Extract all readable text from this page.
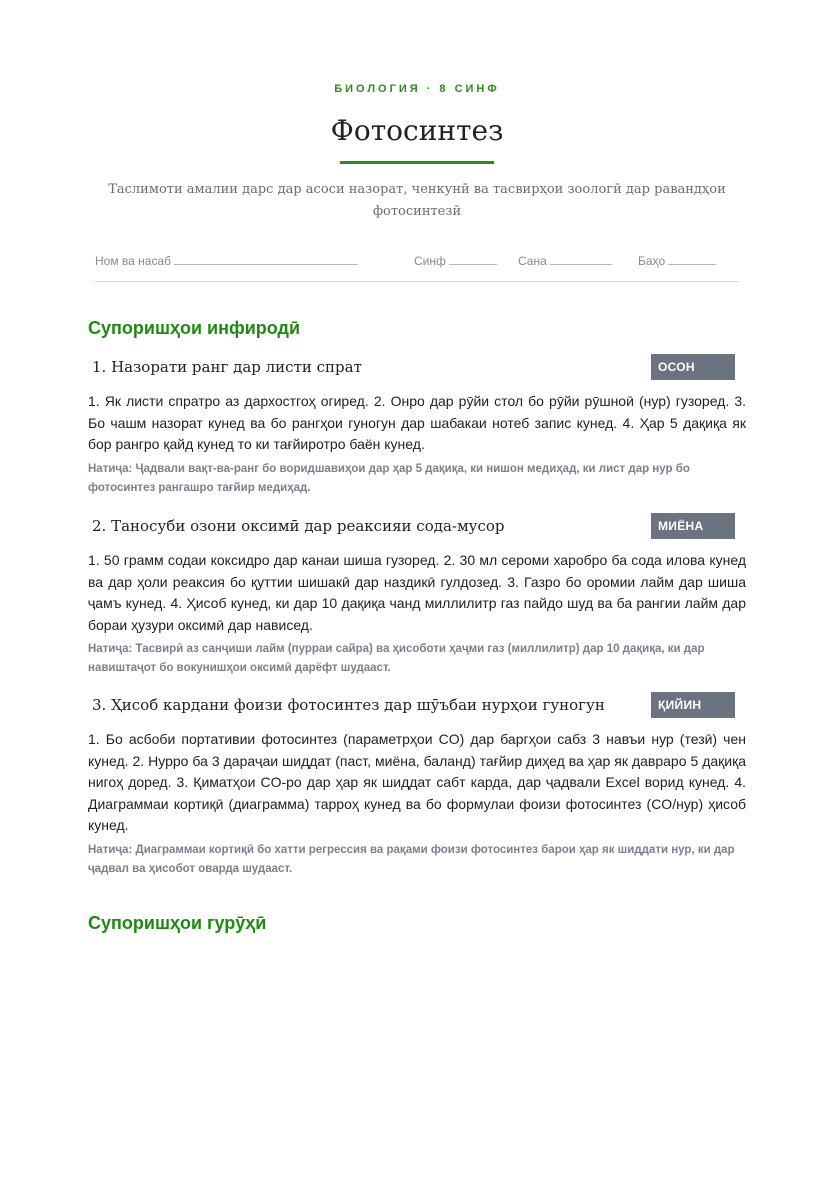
БИОЛОГИЯ · 8 СИНФ
Фотосинтез
Таслимоти амалии дарс дар асоси назорат, ченкунӣ ва тасвирҳои зоологӣ дар равандҳои фотосинтезӣ
Ном ва насаб	Синф	Сана	Баҳо
Супоришҳои инфиродӣ
1. Назорати ранг дар листи спрат	ОСОН
1. Як листи спратро аз дархостгоҳ огиред. 2. Онро дар рӯйи стол бо рӯйи рӯшноӣ (нур) гузоред. 3. Бо чашм назорат кунед ва бо рангҳои гуногун дар шабакаи нотеб запис кунед. 4. Ҳар 5 дақиқа як бор рангро қайд кунед то ки тағйиротро баён кунед.
Натиҷа: Ҷадвали вақт-ва-ранг бо воридшавиҳои дар ҳар 5 дақиқа, ки нишон медиҳад, ки лист дар нур бо фотосинтез рангашро тағйир медиҳад.
2. Таносуби озони оксимӣ дар реаксияи сода-мусор	МИЁНА
1. 50 грамм содаи коксидро дар канаи шиша гузоред. 2. 30 мл сероми харобро ба сода илова кунед ва дар ҳоли реаксия бо қуттии шишакӣ дар наздикӣ гулдозед. 3. Газро бо оромии лайм дар шиша ҷамъ кунед. 4. Ҳисоб кунед, ки дар 10 дақиқа чанд миллилитр газ пайдо шуд ва ба рангии лайм дар бораи ҳузури оксимӣ дар нависед.
Натиҷа: Тасвирӣ аз санҷиши лайм (пурраи сайра) ва ҳисоботи ҳаҷми газ (миллилитр) дар 10 дақиқа, ки дар навиштаҷот бо вокунишҳои оксимӣ дарёфт шудааст.
3. Ҳисоб кардани фоизи фотосинтез дар шӯъбаи нурҳои гуногун	ҚИЙИН
1. Бо асбоби портативии фотосинтез (параметрҳои CO) дар баргҳои сабз 3 навъи нур (тезӣ) чен кунед. 2. Нурро ба 3 дараҷаи шиддат (паст, миёна, баланд) тағйир диҳед ва ҳар як давраро 5 дақиқа нигоҳ доред. 3. Қиматҳои CO-ро дар ҳар як шиддат сабт карда, дар ҷадвали Excel ворид кунед. 4. Диаграммаи кортиқӣ (диаграмма) тарроҳ кунед ва бо формулаи фоизи фотосинтез (CO/нур) ҳисоб кунед.
Натиҷа: Диаграммаи кортиқӣ бо хатти регрессия ва рақами фоизи фотосинтез барои ҳар як шиддати нур, ки дар ҷадвал ва ҳисобот оварда шудааст.
Супоришҳои гурӯҳӣ
